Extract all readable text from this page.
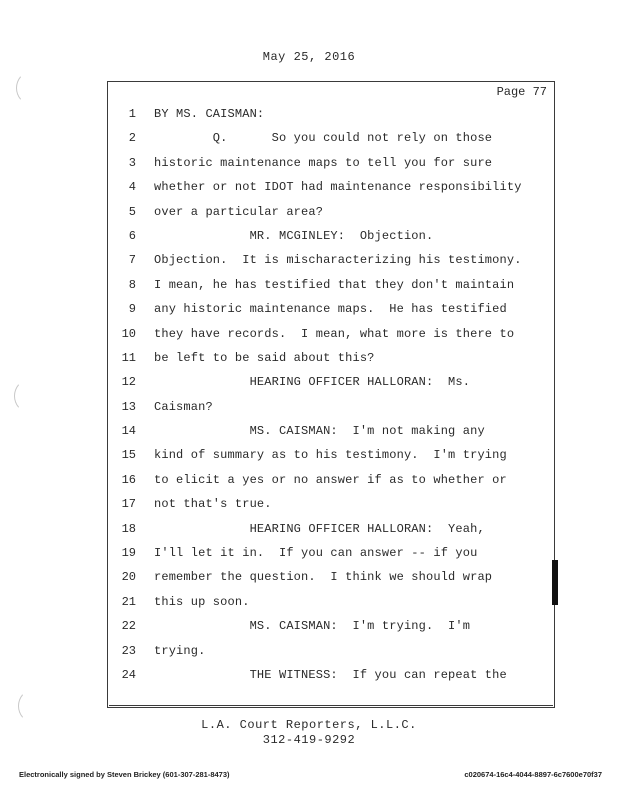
May 25, 2016
Page 77
1 BY MS. CAISMAN:
2 Q.      So you could not rely on those
3 historic maintenance maps to tell you for sure
4 whether or not IDOT had maintenance responsibility
5 over a particular area?
6 MR. MCGINLEY:  Objection.
7 Objection.  It is mischaracterizing his testimony.
8 I mean, he has testified that they don't maintain
9 any historic maintenance maps.  He has testified
10 they have records.  I mean, what more is there to
11 be left to be said about this?
12 HEARING OFFICER HALLORAN:  Ms.
13 Caisman?
14 MS. CAISMAN:  I'm not making any
15 kind of summary as to his testimony.  I'm trying
16 to elicit a yes or no answer if as to whether or
17 not that's true.
18 HEARING OFFICER HALLORAN:  Yeah,
19 I'll let it in.  If you can answer -- if you
20 remember the question.  I think we should wrap
21 this up soon.
22 MS. CAISMAN:  I'm trying.  I'm
23 trying.
24 THE WITNESS:  If you can repeat the
L.A. Court Reporters, L.L.C.
312-419-9292
Electronically signed by Steven Brickey (601-307-281-8473)	c020674-16c4-4044-8897-6c7600e70f37
